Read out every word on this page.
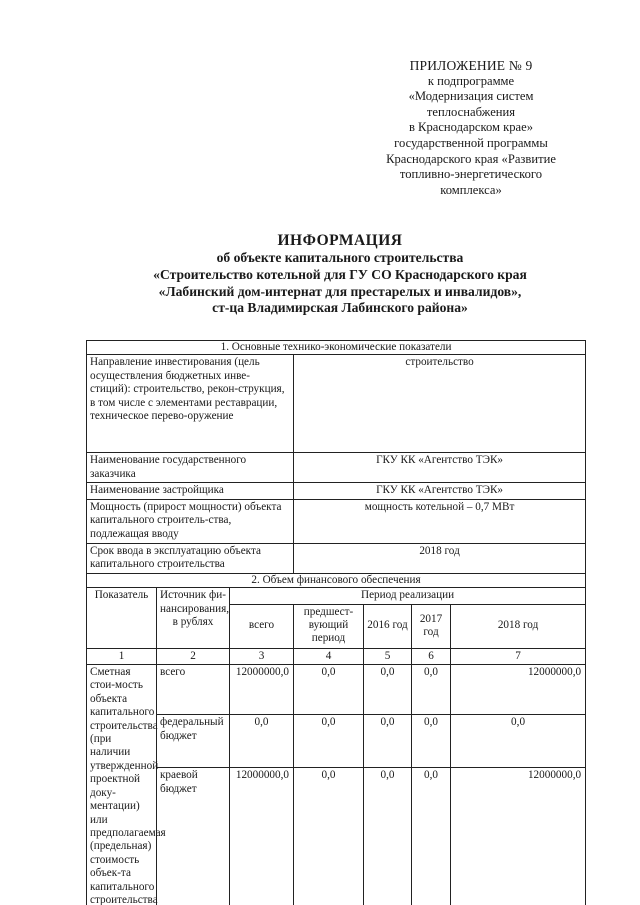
ПРИЛОЖЕНИЕ № 9
к подпрограмме
«Модернизация систем
теплоснабжения
в Краснодарском крае»
государственной программы
Краснодарского края «Развитие
топливно-энергетического
комплекса»
ИНФОРМАЦИЯ
об объекте капитального строительства
«Строительство котельной для ГУ СО Краснодарского края
«Лабинский дом-интернат для престарелых и инвалидов»,
ст-ца Владимирская Лабинского района»
1. Основные технико-экономические показатели						
Направление инвестирования (цель осуществления бюджетных инве-стиций): строительство, рекон-струкция, в том числе с элементами реставрации, техническое перево-оружение			строительство			
Наименование государственного заказчика			ГКУ КК «Агентство ТЭК»			
Наименование застройщика			ГКУ КК «Агентство ТЭК»			
Мощность (прирост мощности) объекта капитального строитель-ства, подлежащая вводу			мощность котельной – 0,7 МВт			
Срок ввода в эксплуатацию объекта капитального строительства			2018 год			
2. Объем финансового обеспечения						
Показатель	Источник фи-нансирования, в рублях	Период реализации				
		всего	предшест-вующий период	2016 год	2017 год	2018 год
1	2	3	4	5	6	7
Сметная стои-мость объекта капитального строительства (при наличии утвержденной проектной доку-ментации) или предполагаемая (предельная) стоимость объек-та капитального строительства	всего	12000000,0	0,0	0,0	0,0	12000000,0
	федеральный бюджет	0,0	0,0	0,0	0,0	0,0
	краевой бюджет	12000000,0	0,0	0,0	0,0	12000000,0
